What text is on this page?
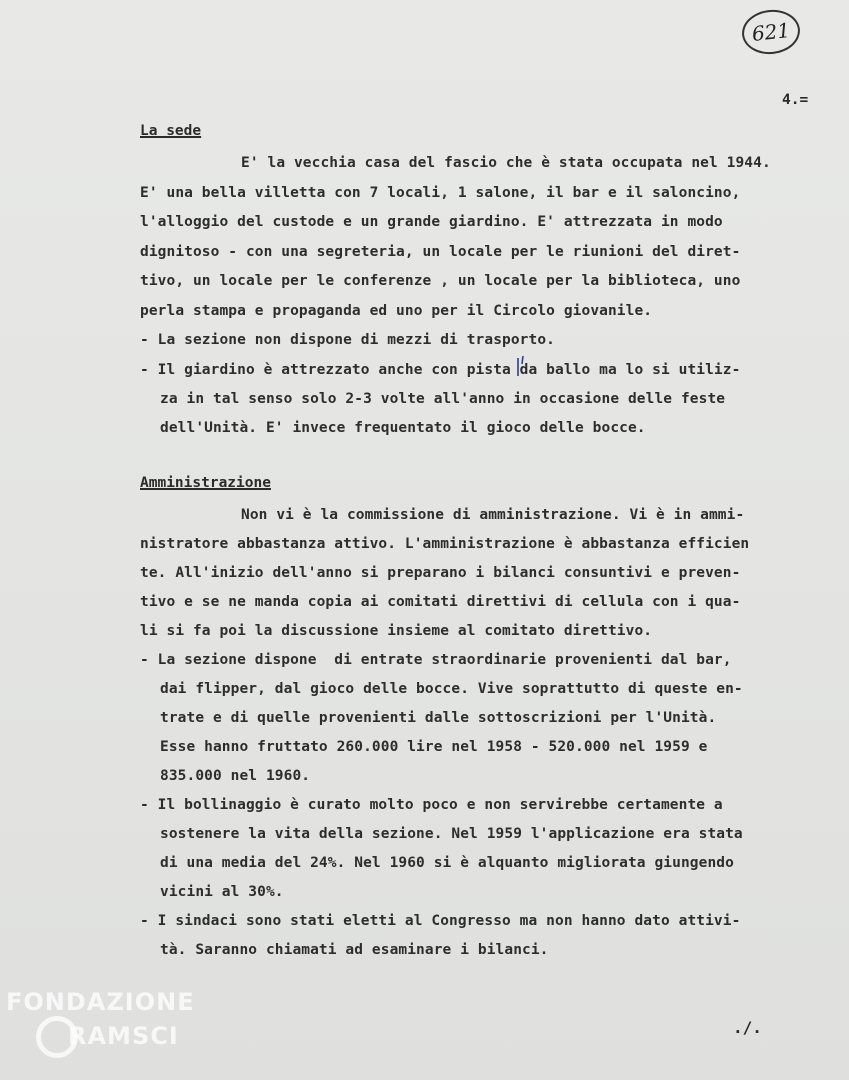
621
4.=
La sede
E' la vecchia casa del fascio che è stata occupata nel 1944.
E' una bella villetta con 7 locali, 1 salone, il bar e il saloncino,
l'alloggio del custode e un grande giardino. E' attrezzata in modo
dignitoso - con una segreteria, un locale per le riunioni del diret-
tivo, un locale per le conferenze , un locale per la biblioteca, uno
perla stampa e propaganda ed uno per il Circolo giovanile.
- La sezione non dispone di mezzi di trasporto.
- Il giardino è attrezzato anche con pista da ballo ma lo si utiliz-
za in tal senso solo 2-3 volte all'anno in occasione delle feste
dell'Unità. E' invece frequentato il gioco delle bocce.
Amministrazione
Non vi è la commissione di amministrazione. Vi è in ammi-
nistratore abbastanza attivo. L'amministrazione è abbastanza efficien
te. All'inizio dell'anno si preparano i bilanci consuntivi e preven-
tivo e se ne manda copia ai comitati direttivi di cellula con i qua-
li si fa poi la discussione insieme al comitato direttivo.
- La sezione dispone  di entrate straordinarie provenienti dal bar,
dai flipper, dal gioco delle bocce. Vive soprattutto di queste en-
trate e di quelle provenienti dalle sottoscrizioni per l'Unità.
Esse hanno fruttato 260.000 lire nel 1958 - 520.000 nel 1959 e
835.000 nel 1960.
- Il bollinaggio è curato molto poco e non servirebbe certamente a
sostenere la vita della sezione. Nel 1959 l'applicazione era stata
di una media del 24%. Nel 1960 si è alquanto migliorata giungendo
vicini al 30%.
- I sindaci sono stati eletti al Congresso ma non hanno dato attivi-
tà. Saranno chiamati ad esaminare i bilanci.
FONDAZIONE
RAMSCI	./.
